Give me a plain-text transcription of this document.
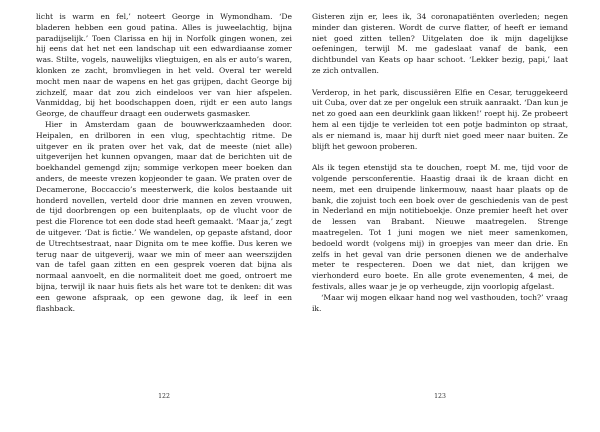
licht is warm en fel,’ noteert George in Wymondham. ‘De bladeren hebben een goud patina. Alles is juweelachtig, bijna paradijselijk.’ Toen Clarissa en hij in Norfolk gingen wonen, zei hij eens dat het net een landschap uit een edwardiaanse zomer was. Stilte, vogels, nauwelijks vliegtuigen, en als er auto’s waren, klonken ze zacht, bromvliegen in het veld. Overal ter wereld mocht men naar de wapens en het gas grijpen, dacht George bij zichzelf, maar dat zou zich eindeloos ver van hier afspelen. Vanmiddag, bij het boodschappen doen, rijdt er een auto langs George, de chauffeur draagt een ouderwets gasmasker.

Hier in Amsterdam gaan de bouwwerkzaamheden door. Heipalen, en drilboren in een vlug, spechtachtig ritme. De uitgever en ik praten over het vak, dat de meeste (niet alle) uitgeverijen het kunnen opvangen, maar dat de berichten uit de boekhandel gemengd zijn; sommige verkopen meer boeken dan anders, de meeste vrezen kopjeonder te gaan. We praten over de Decamerone, Boccaccio’s meesterwerk, die kolos bestaande uit honderd novellen, verteld door drie mannen en zeven vrouwen, de tijd doorbrengen op een buitenplaats, op de vlucht voor de pest die Florence tot een dode stad heeft gemaakt. ‘Maar ja,’ zegt de uitgever. ‘Dat is fictie.’ We wandelen, op gepaste afstand, door de Utrechtsestraat, naar Dignita om te mee koffie. Dus keren we terug naar de uitgeverij, waar we min of meer aan weerszijden van de tafel gaan zitten en een gesprek voeren dat bijna als normaal aanvoelt, en die normaliteit doet me goed, ontroert me bijna, terwijl ik naar huis fiets als het ware tot te denken: dit was een gewone afspraak, op een gewone dag, ik leef in een flashback.

122

Gisteren zijn er, lees ik, 34 coronapatiënten overleden; negen minder dan gisteren. Wordt de curve flatter, of heeft er iemand niet goed zitten tellen? Uitgelaten doe ik mijn dagelijkse oefeningen, terwijl M. me gadeslaat vanaf de bank, een dichtbundel van Keats op haar schoot. ‘Lekker bezig, papi,’ laat ze zich ontvallen.

Verderop, in het park, discussiëren Elfie en Cesar, teruggekeerd uit Cuba, over dat ze per ongeluk een struik aanraakt. ‘Dan kun je net zo goed aan een deurklink gaan likken!’ roept hij. Ze probeert hem al een tijdje te verleiden tot een potje badminton op straat, als er niemand is, maar hij durft niet goed meer naar buiten. Ze blijft het gewoon proberen.

Als ik tegen etenstijd sta te douchen, roept M. me, tijd voor de volgende persconferentie. Haastig draai ik de kraan dicht en neem, met een druipende linkermouw, naast haar plaats op de bank, die zojuist toch een boek over de geschiedenis van de pest in Nederland en mijn notitieboekje. Onze premier heeft het over de lessen van Brabant. Nieuwe maatregelen. Strenge maatregelen. Tot 1 juni mogen we niet meer samenkomen, bedoeld wordt (volgens mij) in groepjes van meer dan drie. En zelfs in het geval van drie personen dienen we de anderhalve meter te respecteren. Doen we dat niet, dan krijgen we vierhonderd euro boete. En alle grote evenementen, 4 mei, de festivals, alles waar je je op verheugde, zijn voorlopig afgelast.

‘Maar wij mogen elkaar hand nog wel vasthouden, toch?’ vraag ik.

123
